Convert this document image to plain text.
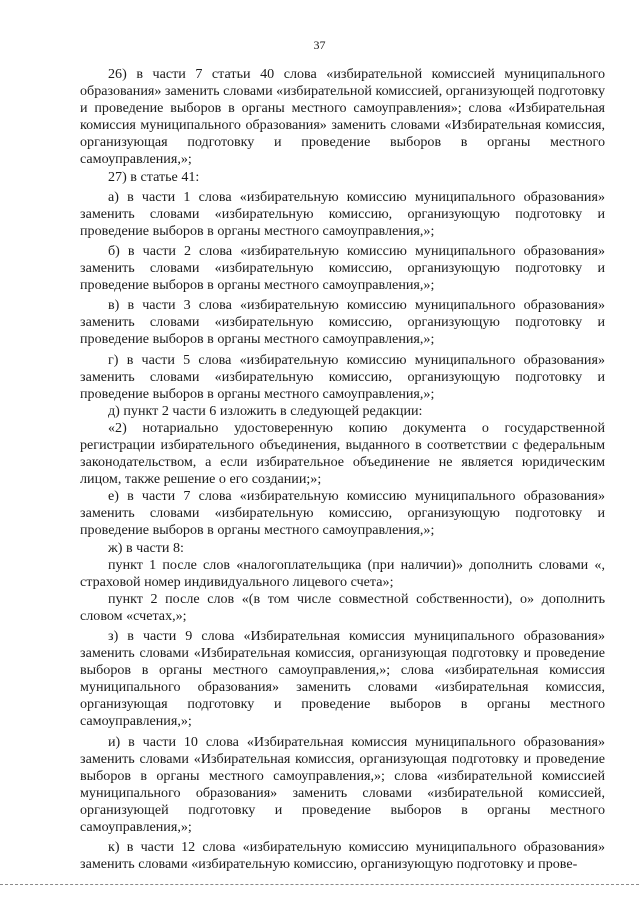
37

26) в части 7 статьи 40 слова «избирательной комиссией муниципального образования» заменить словами «избирательной комиссией, организующей подготовку и проведение выборов в органы местного самоуправления»; слова «Избирательная комиссия муниципального образования» заменить словами «Избирательная комиссия, организующая подготовку и проведение выборов в органы местного самоуправления,»;

27) в статье 41:

а) в части 1 слова «избирательную комиссию муниципального образования» заменить словами «избирательную комиссию, организующую подготовку и проведение выборов в органы местного самоуправления,»;

б) в части 2 слова «избирательную комиссию муниципального образования» заменить словами «избирательную комиссию, организующую подготовку и проведение выборов в органы местного самоуправления,»;

в) в части 3 слова «избирательную комиссию муниципального образования» заменить словами «избирательную комиссию, организующую подготовку и проведение выборов в органы местного самоуправления,»;

г) в части 5 слова «избирательную комиссию муниципального образования» заменить словами «избирательную комиссию, организующую подготовку и проведение выборов в органы местного самоуправления,»;

д) пункт 2 части 6 изложить в следующей редакции:

«2) нотариально удостоверенную копию документа о государственной регистрации избирательного объединения, выданного в соответствии с федеральным законодательством, а если избирательное объединение не является юридическим лицом, также решение о его создании;»;

е) в части 7 слова «избирательную комиссию муниципального образования» заменить словами «избирательную комиссию, организующую подготовку и проведение выборов в органы местного самоуправления,»;

ж) в части 8:

пункт 1 после слов «налогоплательщика (при наличии)» дополнить словами «, страховой номер индивидуального лицевого счета»;

пункт 2 после слов «(в том числе совместной собственности), о» дополнить словом «счетах,»;

з) в части 9 слова «Избирательная комиссия муниципального образования» заменить словами «Избирательная комиссия, организующая подготовку и проведение выборов в органы местного самоуправления,»; слова «избирательная комиссия муниципального образования» заменить словами «избирательная комиссия, организующая подготовку и проведение выборов в органы местного самоуправления,»;

и) в части 10 слова «Избирательная комиссия муниципального образования» заменить словами «Избирательная комиссия, организующая подготовку и проведение выборов в органы местного самоуправления,»; слова «избирательной комиссией муниципального образования» заменить словами «избирательной комиссией, организующей подготовку и проведение выборов в органы местного самоуправления,»;

к) в части 12 слова «избирательную комиссию муниципального образования» заменить словами «избирательную комиссию, организующую подготовку и прове-
